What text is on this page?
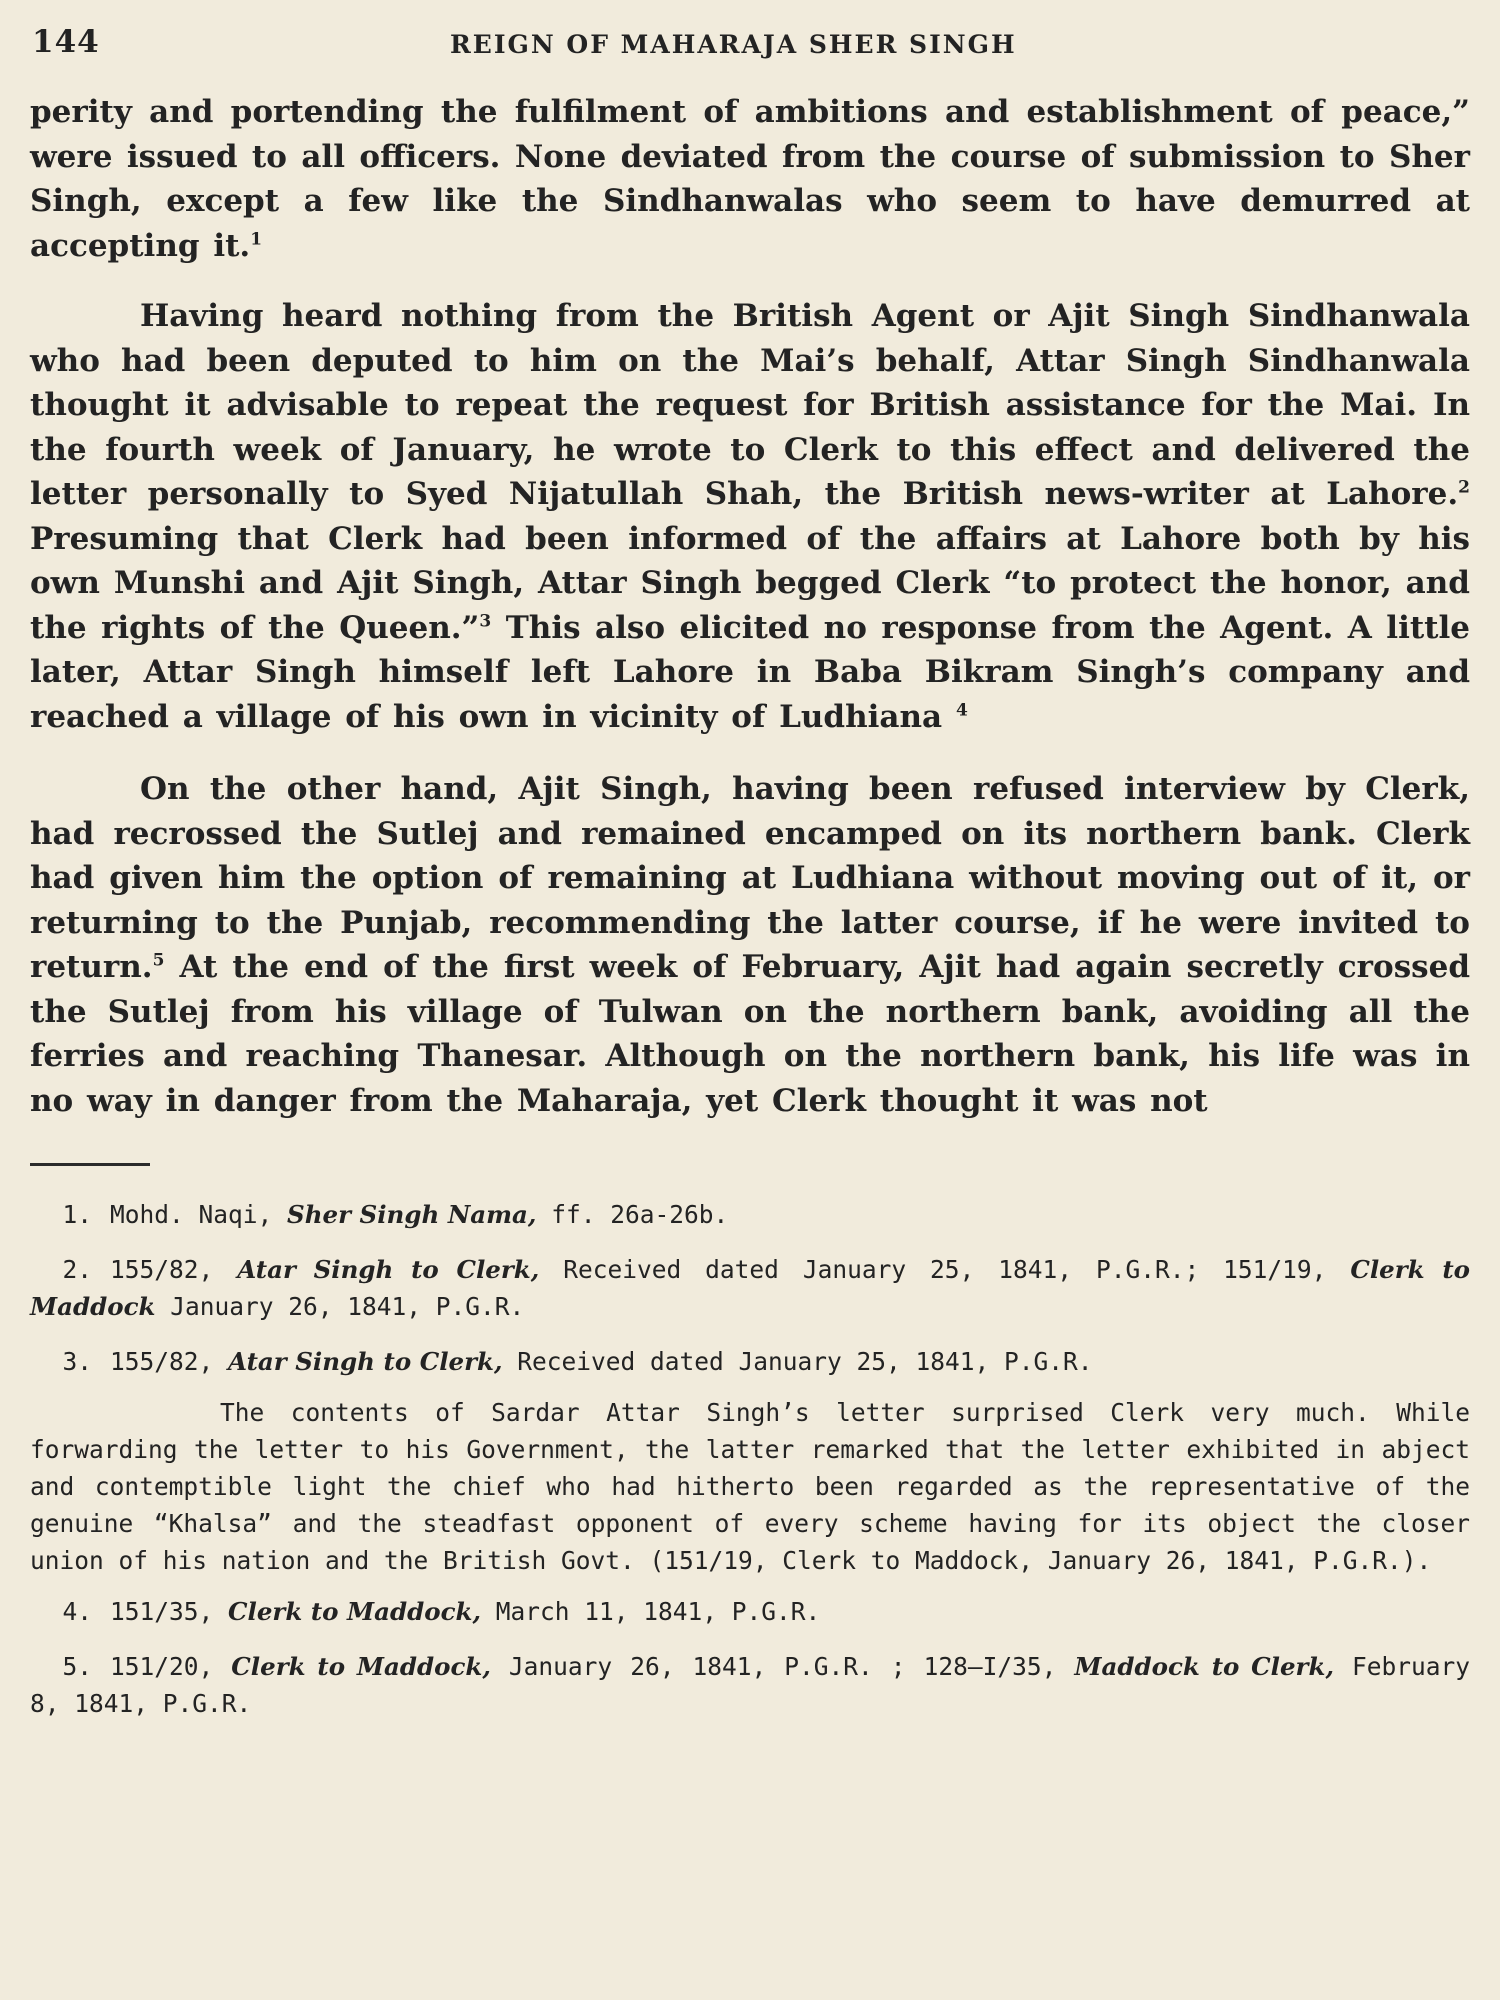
144	REIGN OF MAHARAJA SHER SINGH

perity and portending the fulfilment of ambitions and establishment of peace,” were issued to all officers. None deviated from the course of submission to Sher Singh, except a few like the Sindhanwalas who seem to have demurred at accepting it.$^1$

Having heard nothing from the British Agent or Ajit Singh Sindhanwala who had been deputed to him on the Mai’s behalf, Attar Singh Sindhanwala thought it advisable to repeat the request for British assistance for the Mai. In the fourth week of January, he wrote to Clerk to this effect and delivered the letter personally to Syed Nijatullah Shah, the British news-writer at Lahore.$^2$ Presuming that Clerk had been informed of the affairs at Lahore both by his own Munshi and Ajit Singh, Attar Singh begged Clerk “to protect the honor, and the rights of the Queen.”$^3$ This also elicited no response from the Agent. A little later, Attar Singh himself left Lahore in Baba Bikram Singh’s company and reached a village of his own in vicinity of Ludhiana $^4$

On the other hand, Ajit Singh, having been refused interview by Clerk, had recrossed the Sutlej and remained encamped on its northern bank. Clerk had given him the option of remaining at Ludhiana without moving out of it, or returning to the Punjab, recommending the latter course, if he were invited to return.$^5$ At the end of the first week of February, Ajit had again secretly crossed the Sutlej from his village of Tulwan on the northern bank, avoiding all the ferries and reaching Thanesar. Although on the northern bank, his life was in no way in danger from the Maharaja, yet Clerk thought it was not

1. Mohd. Naqi, Sher Singh Nama, ff. 26a-26b.
2. 155/82, Atar Singh to Clerk, Received dated January 25, 1841, P.G.R.; 151/19, Clerk to Maddock January 26, 1841, P.G.R.
3. 155/82, Atar Singh to Clerk, Received dated January 25, 1841, P.G.R.
The contents of Sardar Attar Singh’s letter surprised Clerk very much. While forwarding the letter to his Government, the latter remarked that the letter exhibited in abject and contemptible light the chief who had hitherto been regarded as the representative of the genuine “Khalsa” and the steadfast opponent of every scheme having for its object the closer union of his nation and the British Govt. (151/19, Clerk to Maddock, January 26, 1841, P.G.R.).
4. 151/35, Clerk to Maddock, March 11, 1841, P.G.R.
5. 151/20, Clerk to Maddock, January 26, 1841, P.G.R. ; 128–I/35, Maddock to Clerk, February 8, 1841, P.G.R.
